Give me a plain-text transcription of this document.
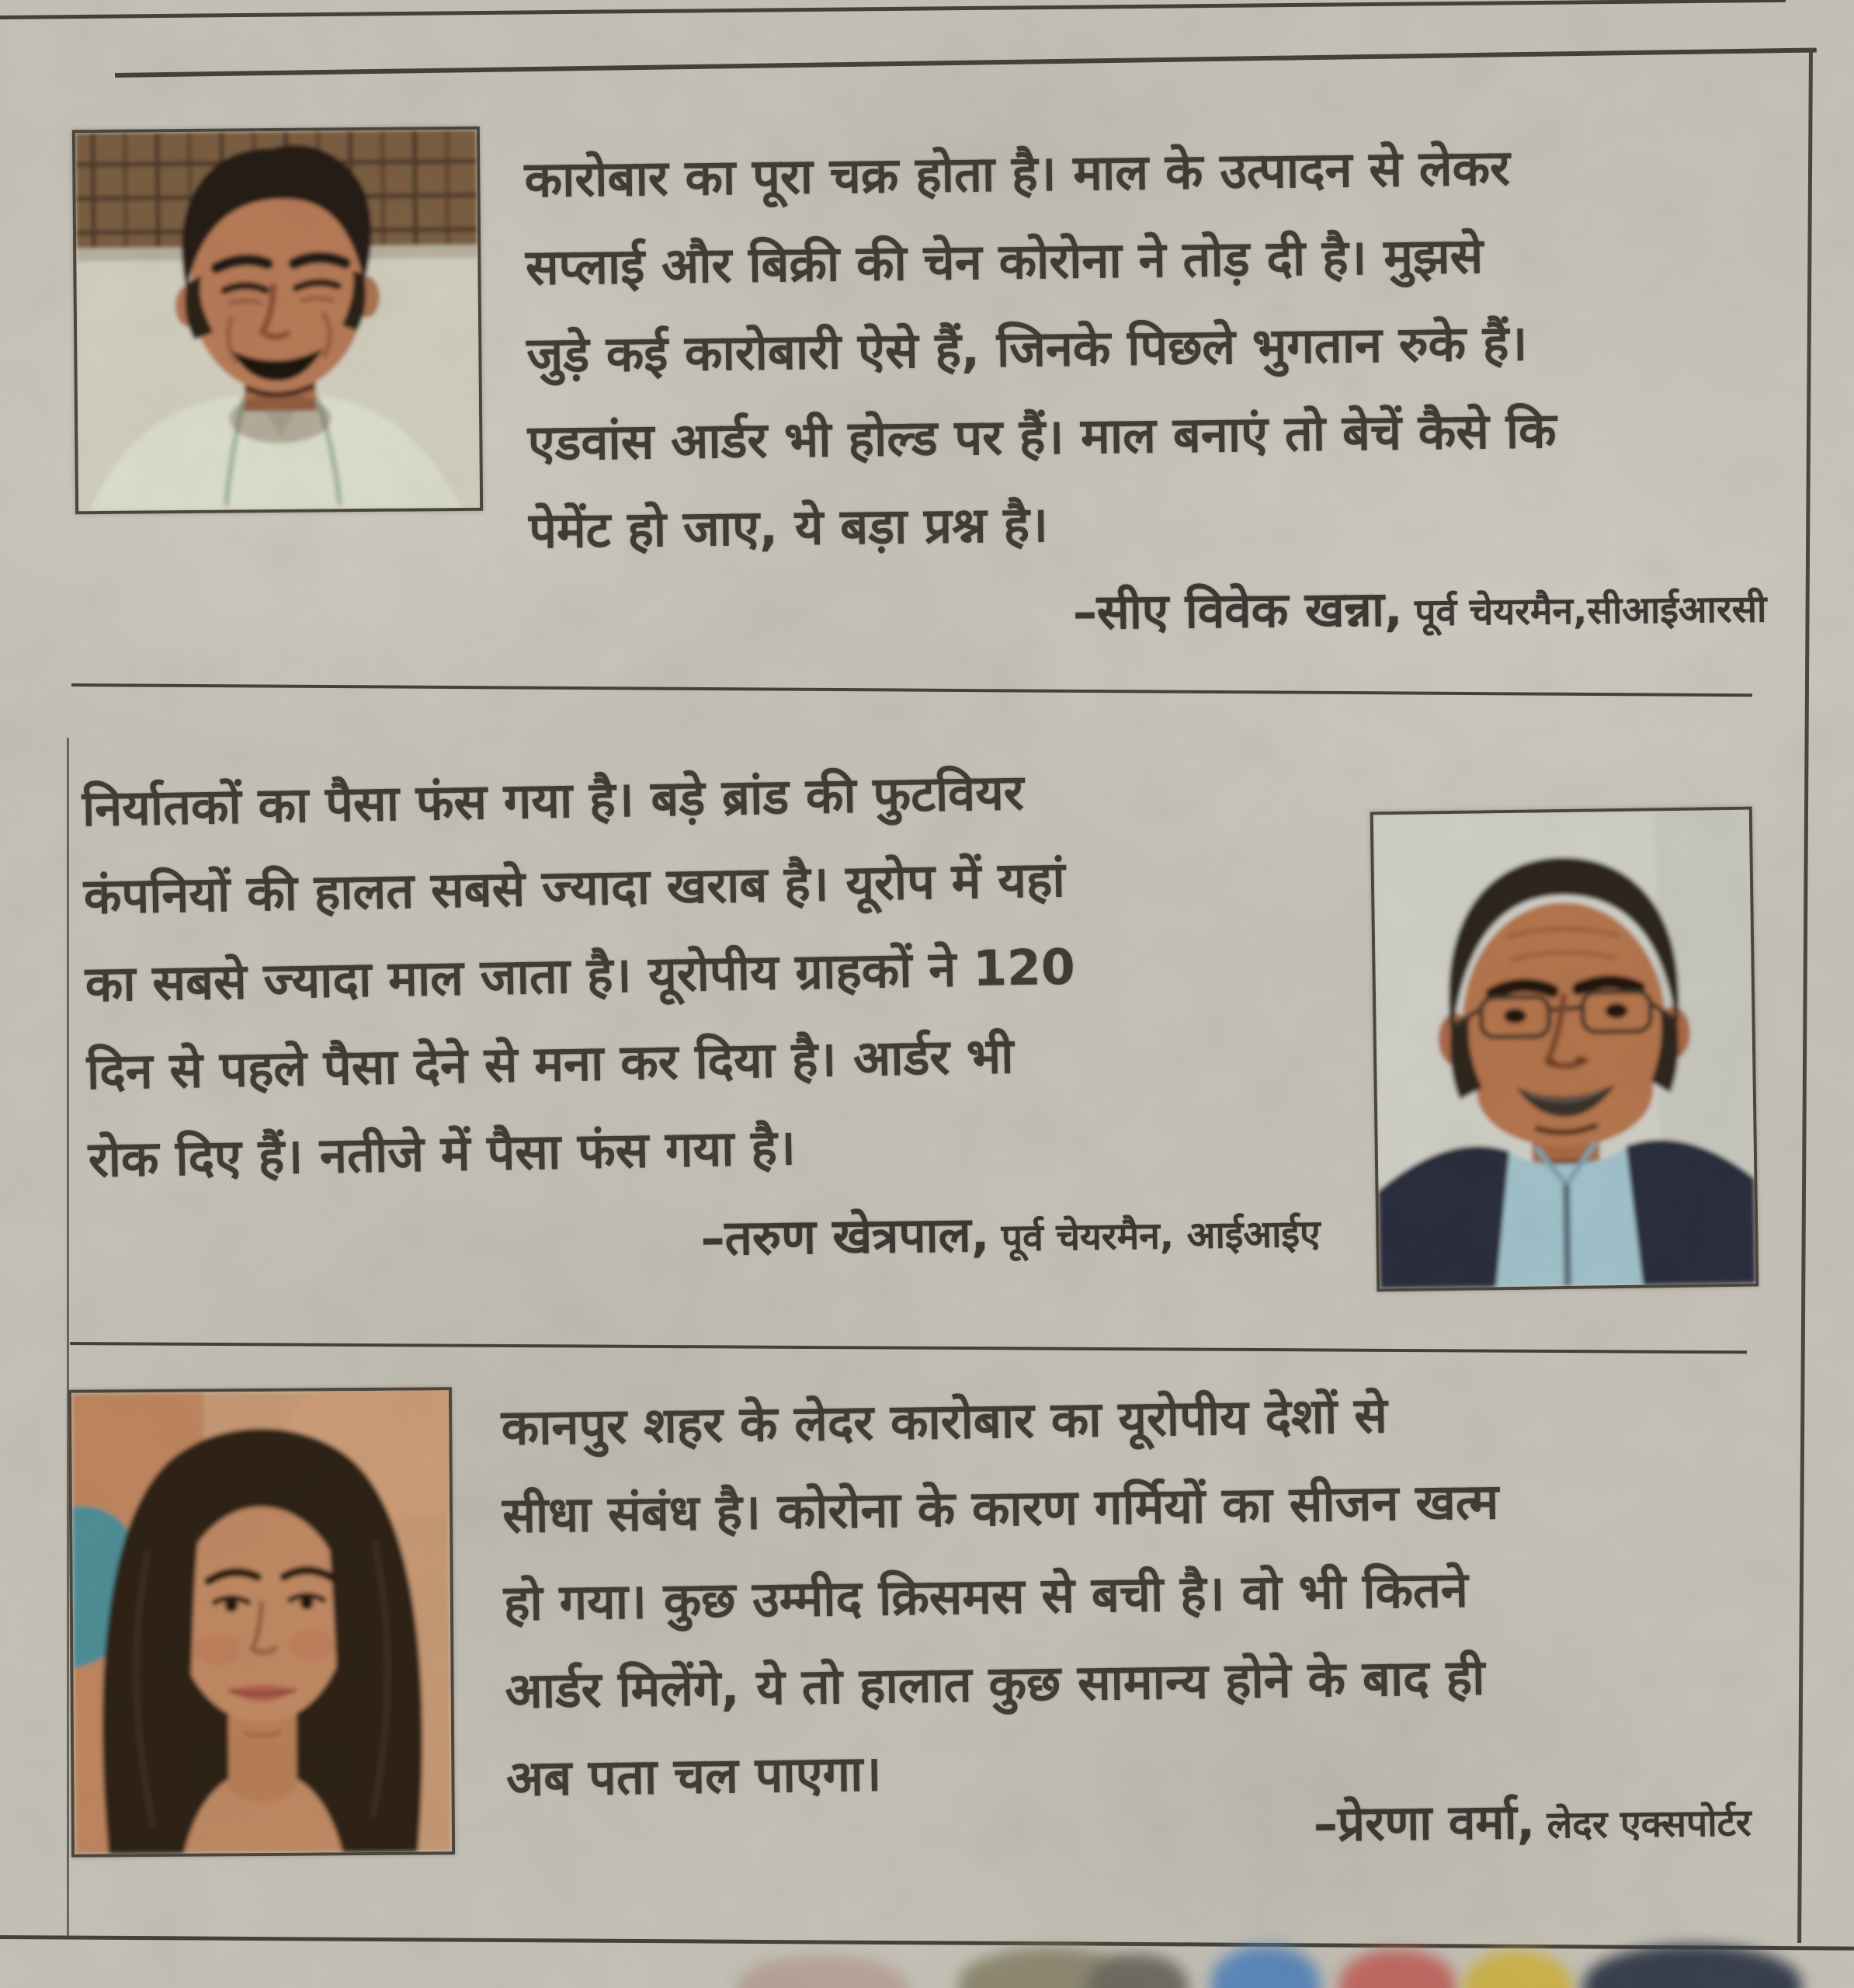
कारोबार का पूरा चक्र होता है। माल के उत्पादन से लेकर
सप्लाई और बिक्री की चेन कोरोना ने तोड़ दी है। मुझसे
जुड़े कई कारोबारी ऐसे हैं, जिनके पिछले भुगतान रुके हैं।
एडवांस आर्डर भी होल्ड पर हैं। माल बनाएं तो बेचें कैसे कि
पेमेंट हो जाए, ये बड़ा प्रश्न है।
–सीए विवेक खन्ना, पूर्व चेयरमैन,सीआईआरसी
निर्यातकों का पैसा फंस गया है। बड़े ब्रांड की फुटवियर
कंपनियों की हालत सबसे ज्यादा खराब है। यूरोप में यहां
का सबसे ज्यादा माल जाता है। यूरोपीय ग्राहकों ने 120
दिन से पहले पैसा देने से मना कर दिया है। आर्डर भी
रोक दिए हैं। नतीजे में पैसा फंस गया है।
–तरुण खेत्रपाल, पूर्व चेयरमैन, आईआईए
कानपुर शहर के लेदर कारोबार का यूरोपीय देशों से
सीधा संबंध है। कोरोना के कारण गर्मियों का सीजन खत्म
हो गया। कुछ उम्मीद क्रिसमस से बची है। वो भी कितने
आर्डर मिलेंगे, ये तो हालात कुछ सामान्य होने के बाद ही
अब पता चल पाएगा।
–प्रेरणा वर्मा, लेदर एक्सपोर्टर
